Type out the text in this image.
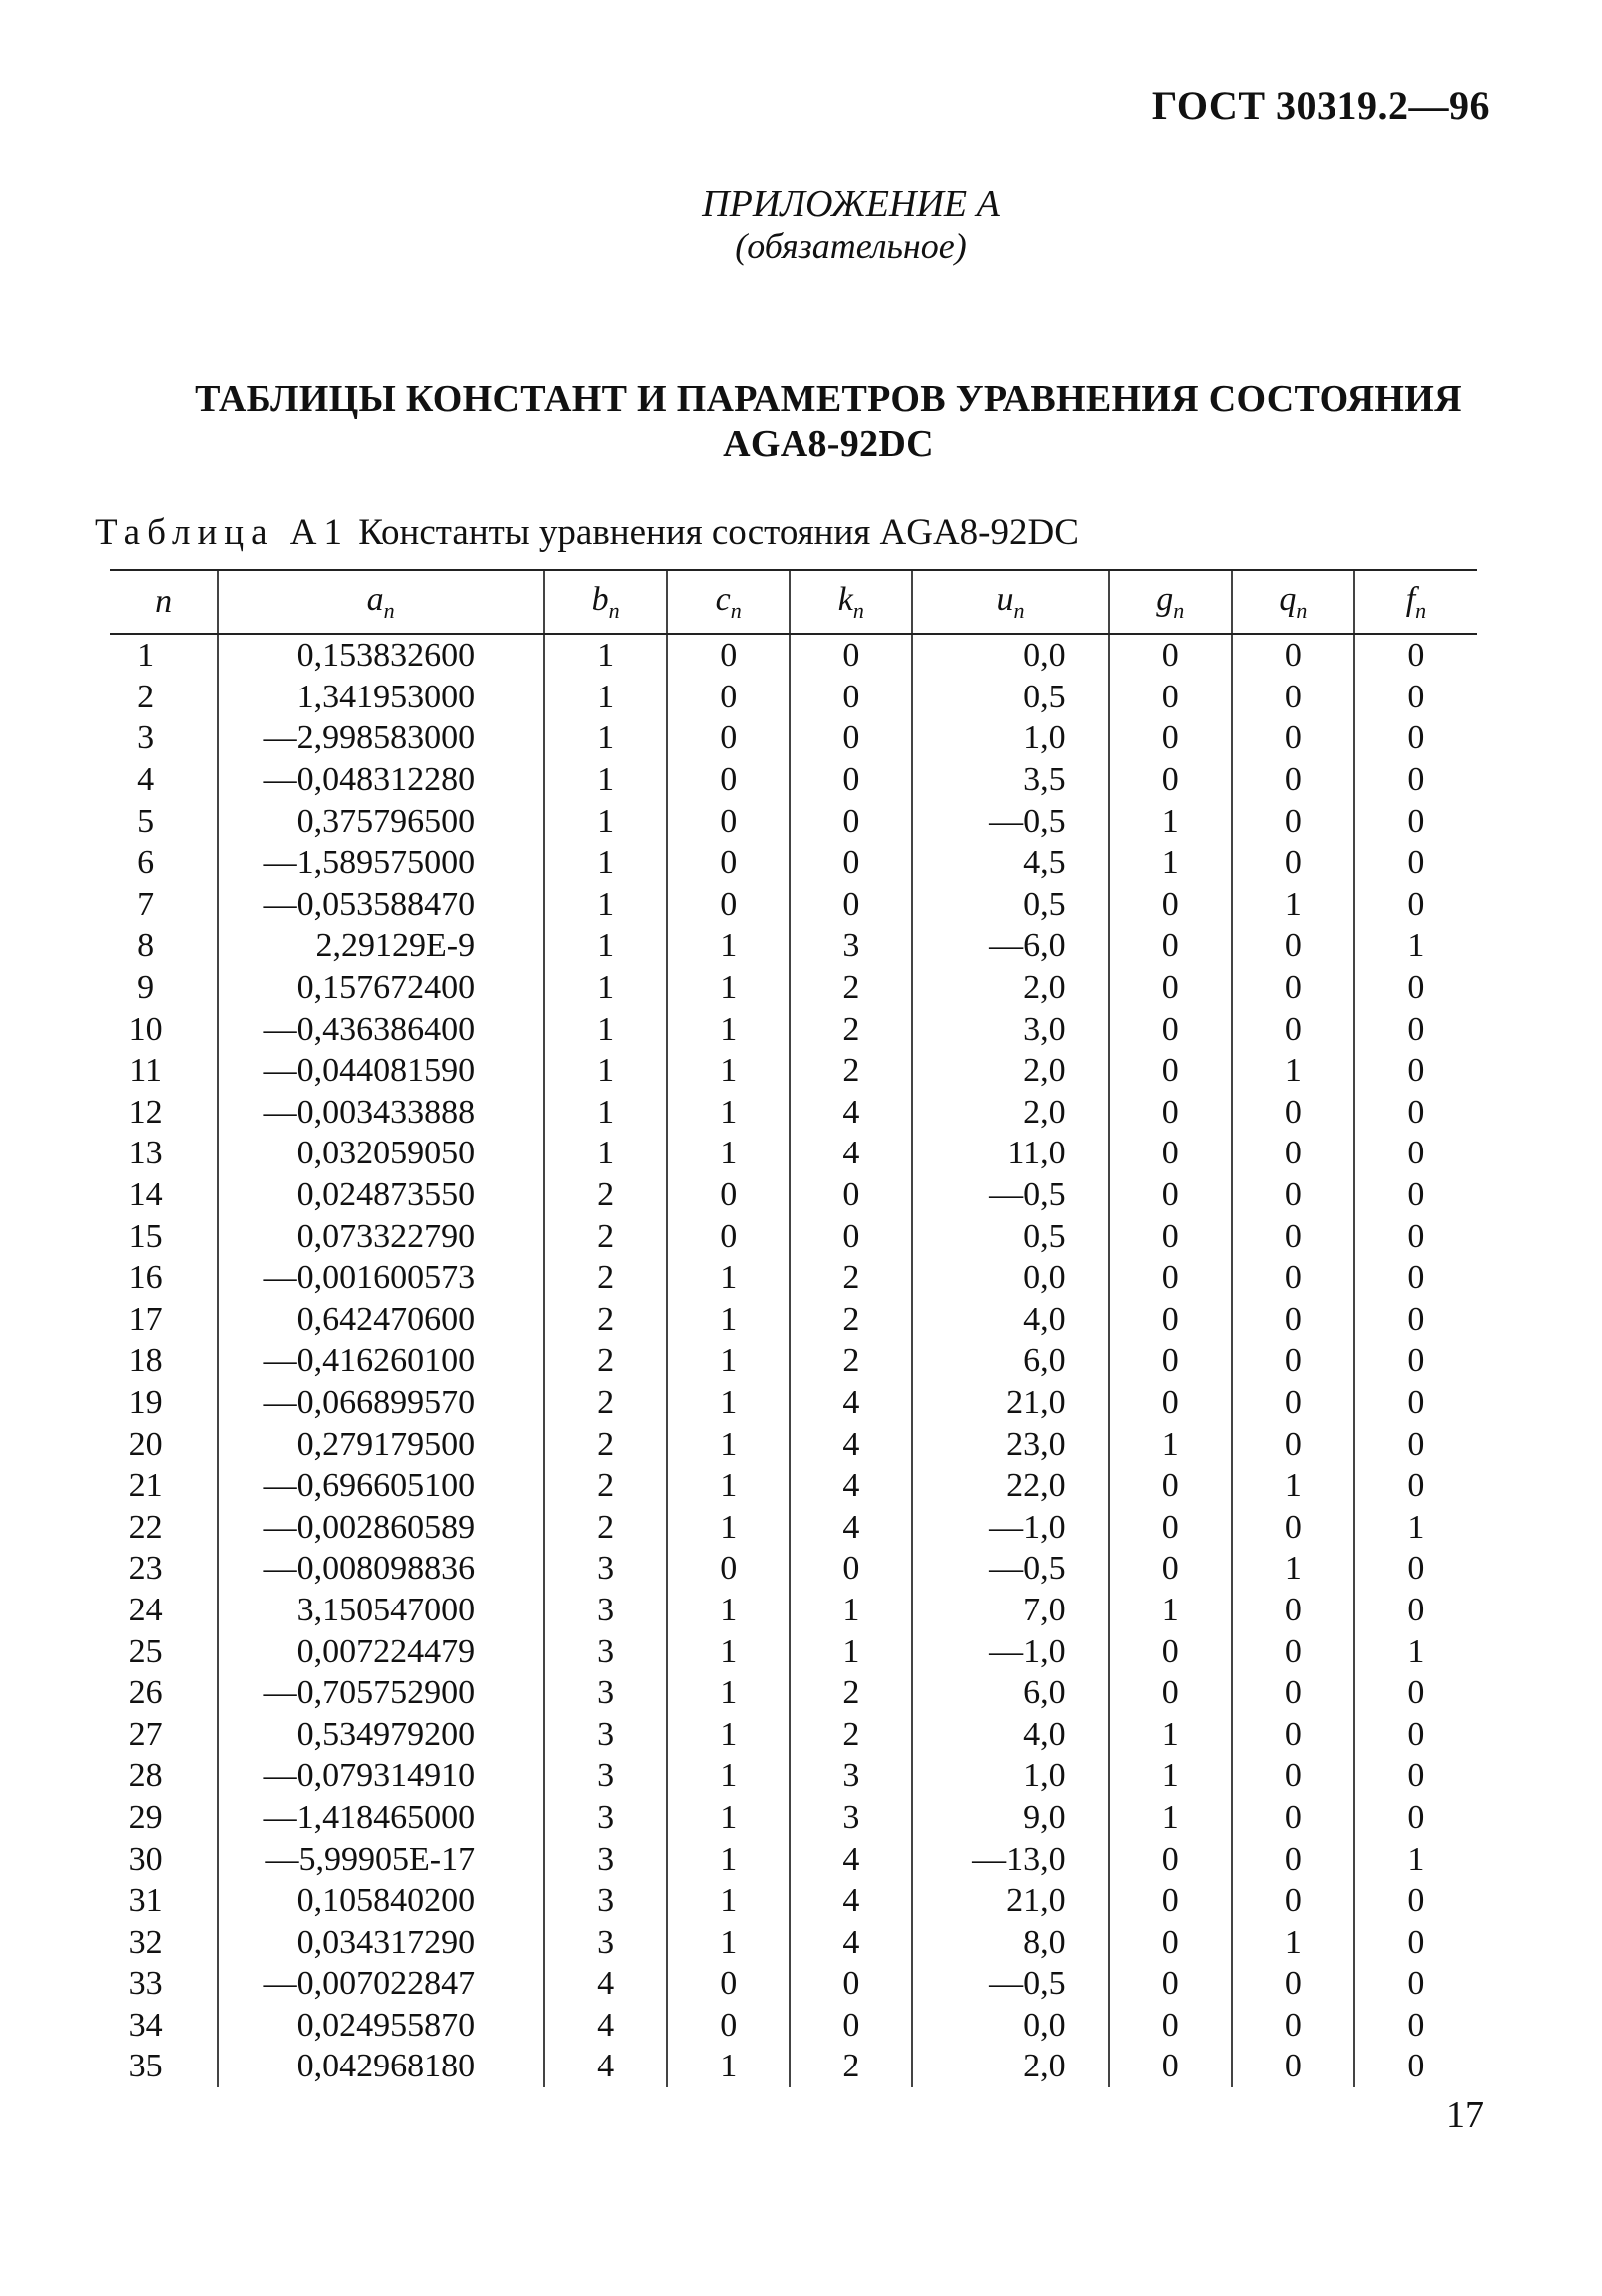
ГОСТ 30319.2—96
ПРИЛОЖЕНИЕ А
(обязательное)
ТАБЛИЦЫ КОНСТАНТ И ПАРАМЕТРОВ УРАВНЕНИЯ СОСТОЯНИЯ
AGA8-92DC
Таблица А1 Константы уравнения состояния AGA8-92DC
n	$a_n$	$b_n$	$c_n$	$k_n$	$u_n$	$g_n$	$q_n$	$f_n$
1	0,153832600	1	0	0	0,0	0	0	0
2	1,341953000	1	0	0	0,5	0	0	0
3	—2,998583000	1	0	0	1,0	0	0	0
4	—0,048312280	1	0	0	3,5	0	0	0
5	0,375796500	1	0	0	—0,5	1	0	0
6	—1,589575000	1	0	0	4,5	1	0	0
7	—0,053588470	1	0	0	0,5	0	1	0
8	2,29129E-9	1	1	3	—6,0	0	0	1
9	0,157672400	1	1	2	2,0	0	0	0
10	—0,436386400	1	1	2	3,0	0	0	0
11	—0,044081590	1	1	2	2,0	0	1	0
12	—0,003433888	1	1	4	2,0	0	0	0
13	0,032059050	1	1	4	11,0	0	0	0
14	0,024873550	2	0	0	—0,5	0	0	0
15	0,073322790	2	0	0	0,5	0	0	0
16	—0,001600573	2	1	2	0,0	0	0	0
17	0,642470600	2	1	2	4,0	0	0	0
18	—0,416260100	2	1	2	6,0	0	0	0
19	—0,066899570	2	1	4	21,0	0	0	0
20	0,279179500	2	1	4	23,0	1	0	0
21	—0,696605100	2	1	4	22,0	0	1	0
22	—0,002860589	2	1	4	—1,0	0	0	1
23	—0,008098836	3	0	0	—0,5	0	1	0
24	3,150547000	3	1	1	7,0	1	0	0
25	0,007224479	3	1	1	—1,0	0	0	1
26	—0,705752900	3	1	2	6,0	0	0	0
27	0,534979200	3	1	2	4,0	1	0	0
28	—0,079314910	3	1	3	1,0	1	0	0
29	—1,418465000	3	1	3	9,0	1	0	0
30	—5,99905E-17	3	1	4	—13,0	0	0	1
31	0,105840200	3	1	4	21,0	0	0	0
32	0,034317290	3	1	4	8,0	0	1	0
33	—0,007022847	4	0	0	—0,5	0	0	0
34	0,024955870	4	0	0	0,0	0	0	0
35	0,042968180	4	1	2	2,0	0	0	0
17
